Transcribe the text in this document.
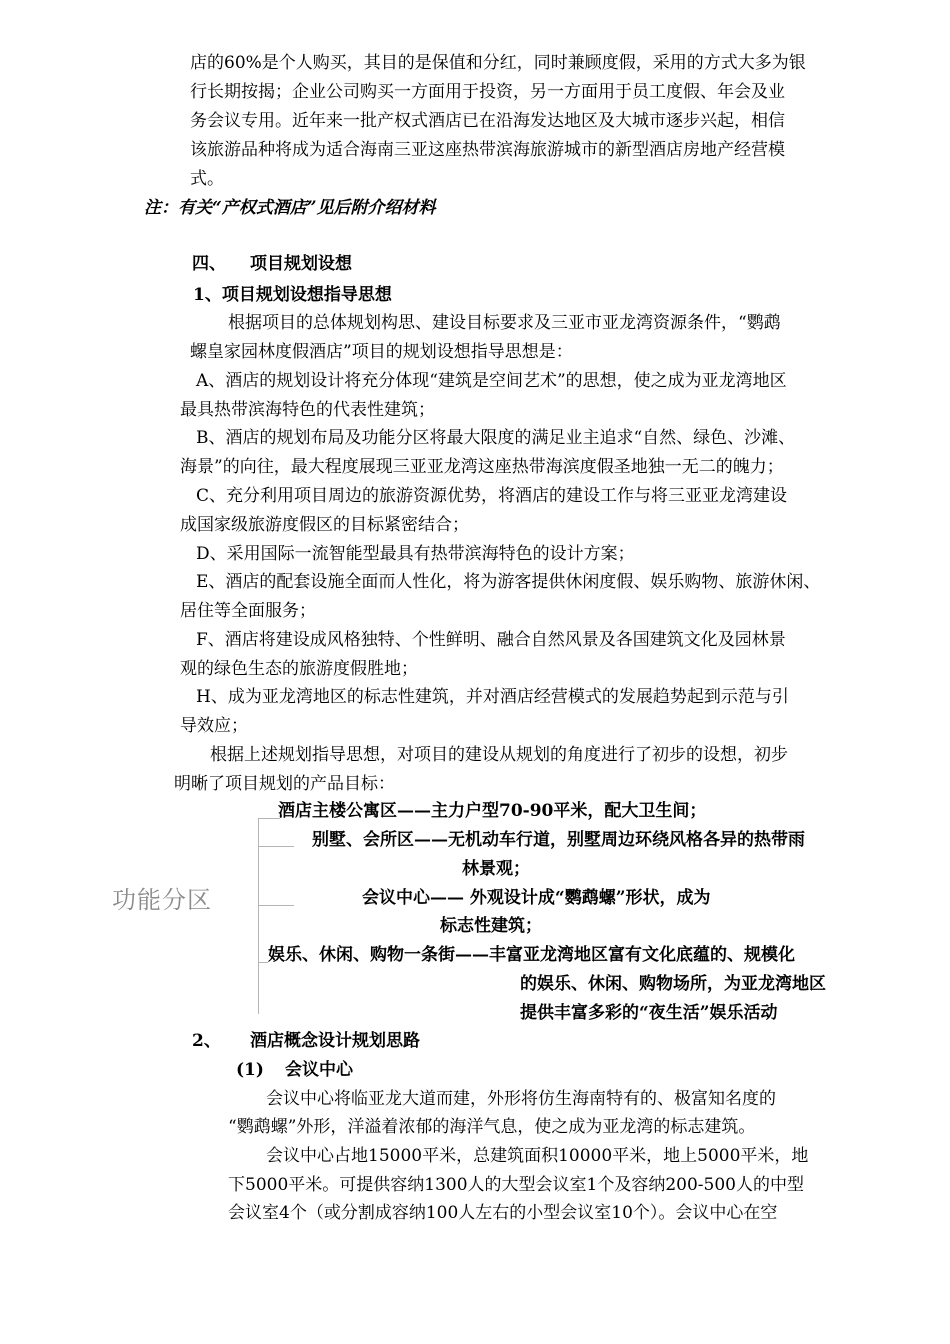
店的60%是个人购买，其目的是保值和分红，同时兼顾度假，采用的方式大多为银
行长期按揭；企业公司购买一方面用于投资，另一方面用于员工度假、年会及业
务会议专用。近年来一批产权式酒店已在沿海发达地区及大城市逐步兴起，相信
该旅游品种将成为适合海南三亚这座热带滨海旅游城市的新型酒店房地产经营模
式。
注：有关“产权式酒店”见后附介绍材料
四、 项目规划设想
1、项目规划设想指导思想
根据项目的总体规划构思、建设目标要求及三亚市亚龙湾资源条件，“鹦鹉
螺皇家园林度假酒店”项目的规划设想指导思想是：
A、酒店的规划设计将充分体现“建筑是空间艺术”的思想，使之成为亚龙湾地区
最具热带滨海特色的代表性建筑；
B、酒店的规划布局及功能分区将最大限度的满足业主追求“自然、绿色、沙滩、
海景”的向往，最大程度展现三亚亚龙湾这座热带海滨度假圣地独一无二的魄力；
C、充分利用项目周边的旅游资源优势，将酒店的建设工作与将三亚亚龙湾建设
成国家级旅游度假区的目标紧密结合；
D、采用国际一流智能型最具有热带滨海特色的设计方案；
E、酒店的配套设施全面而人性化，将为游客提供休闲度假、娱乐购物、旅游休闲、
居住等全面服务；
F、酒店将建设成风格独特、个性鲜明、融合自然风景及各国建筑文化及园林景
观的绿色生态的旅游度假胜地；
H、成为亚龙湾地区的标志性建筑，并对酒店经营模式的发展趋势起到示范与引
导效应；
根据上述规划指导思想，对项目的建设从规划的角度进行了初步的设想，初步
明晰了项目规划的产品目标：
功能分区
酒店主楼公寓区——主力户型70-90平米，配大卫生间；
别墅、会所区——无机动车行道，别墅周边环绕风格各异的热带雨
林景观；
会议中心—— 外观设计成“鹦鹉螺”形状，成为
标志性建筑；
娱乐、休闲、购物一条街——丰富亚龙湾地区富有文化底蕴的、规模化
的娱乐、休闲、购物场所，为亚龙湾地区
提供丰富多彩的“夜生活”娱乐活动
2、 酒店概念设计规划思路
(1) 会议中心
会议中心将临亚龙大道而建，外形将仿生海南特有的、极富知名度的
“鹦鹉螺”外形，洋溢着浓郁的海洋气息，使之成为亚龙湾的标志建筑。
会议中心占地15000平米，总建筑面积10000平米，地上5000平米，地
下5000平米。可提供容纳1300人的大型会议室1个及容纳200-500人的中型
会议室4个（或分割成容纳100人左右的小型会议室10个）。会议中心在空
